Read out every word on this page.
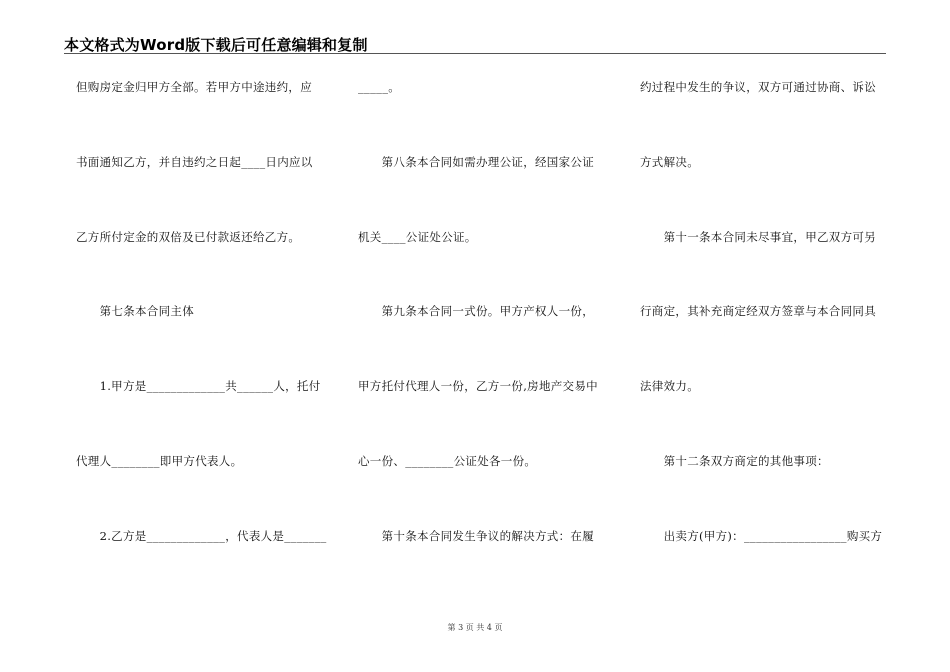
本文格式为Word版下载后可任意编辑和复制
但购房定金归甲方全部。若甲方中途违约，应
书面通知乙方，并自违约之日起____日内应以
乙方所付定金的双倍及已付款返还给乙方。
　　第七条本合同主体
　　1.甲方是_____________共______人，托付
代理人________即甲方代表人。
　　2.乙方是_____________，代表人是_______
_____。
　　第八条本合同如需办理公证，经国家公证
机关____公证处公证。
　　第九条本合同一式份。甲方产权人一份，
甲方托付代理人一份，乙方一份,房地产交易中
心一份、________公证处各一份。
　　第十条本合同发生争议的解决方式：在履
约过程中发生的争议，双方可通过协商、诉讼
方式解决。
　　第十一条本合同未尽事宜，甲乙双方可另
行商定，其补充商定经双方签章与本合同同具
法律效力。
　　第十二条双方商定的其他事项：
　　出卖方(甲方)：_________________购买方
第 3 页 共 4 页
